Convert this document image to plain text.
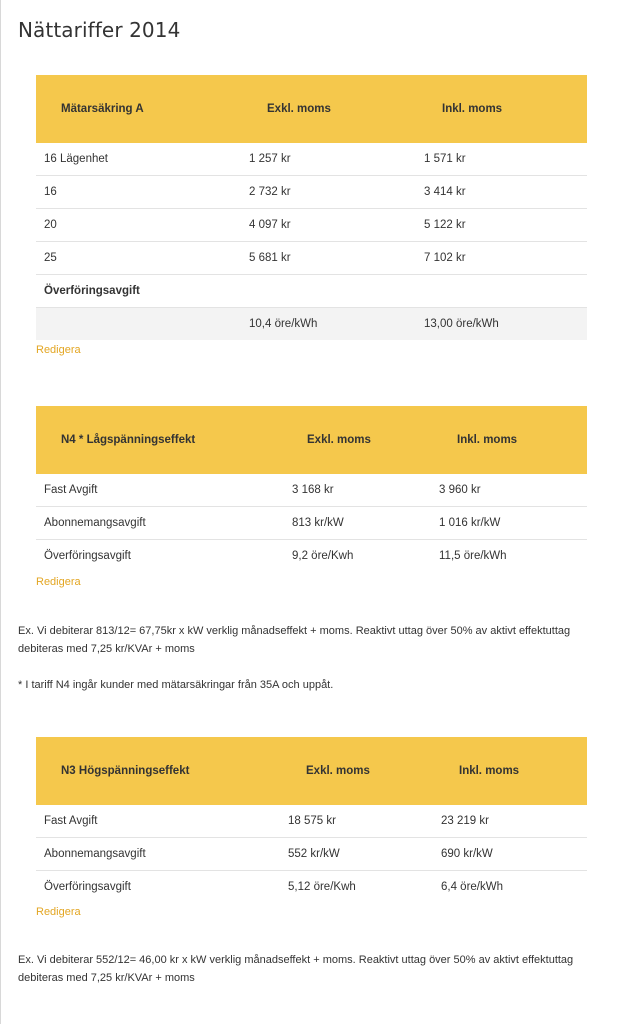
Nättariffer 2014
Mätarsäkring A	Exkl. moms	Inkl. moms
16 Lägenhet	1 257 kr	1 571 kr
16	2 732 kr	3 414 kr
20	4 097 kr	5 122 kr
25	5 681 kr	7 102 kr
Överföringsavgift		
	10,4 öre/kWh	13,00 öre/kWh
Redigera
N4 * Lågspänningseffekt	Exkl. moms	Inkl. moms
Fast Avgift	3 168 kr	3 960 kr
Abonnemangsavgift	813 kr/kW	1 016 kr/kW
Överföringsavgift	9,2 öre/Kwh	11,5 öre/kWh
Redigera

Ex. Vi debiterar 813/12= 67,75kr x kW verklig månadseffekt + moms. Reaktivt uttag över 50% av aktivt effektuttag debiteras med 7,25 kr/KVAr + moms

* I tariff N4 ingår kunder med mätarsäkringar från 35A och uppåt.

N3 Högspänningseffekt	Exkl. moms	Inkl. moms
Fast Avgift	18 575 kr	23 219 kr
Abonnemangsavgift	552 kr/kW	690 kr/kW
Överföringsavgift	5,12 öre/Kwh	6,4 öre/kWh
Redigera

Ex. Vi debiterar 552/12= 46,00 kr x kW verklig månadseffekt + moms. Reaktivt uttag över 50% av aktivt effektuttag debiteras med 7,25 kr/KVAr + moms
